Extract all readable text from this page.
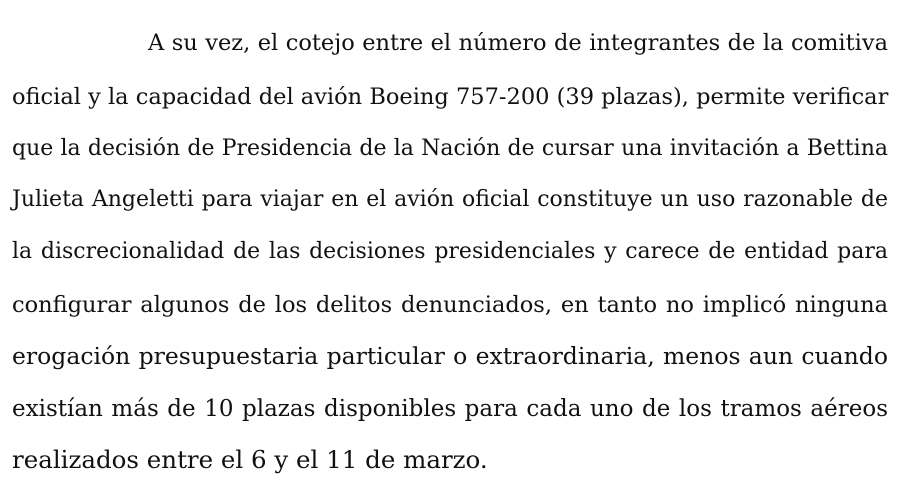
A su vez, el cotejo entre el número de integrantes de la comitiva
oficial y la capacidad del avión Boeing 757-200 (39 plazas), permite verificar
que la decisión de Presidencia de la Nación de cursar una invitación a Bettina
Julieta Angeletti para viajar en el avión oficial constituye un uso razonable de
la discrecionalidad de las decisiones presidenciales y carece de entidad para
configurar algunos de los delitos denunciados, en tanto no implicó ninguna
erogación presupuestaria particular o extraordinaria, menos aun cuando
existían más de 10 plazas disponibles para cada uno de los tramos aéreos
realizados entre el 6 y el 11 de marzo.
